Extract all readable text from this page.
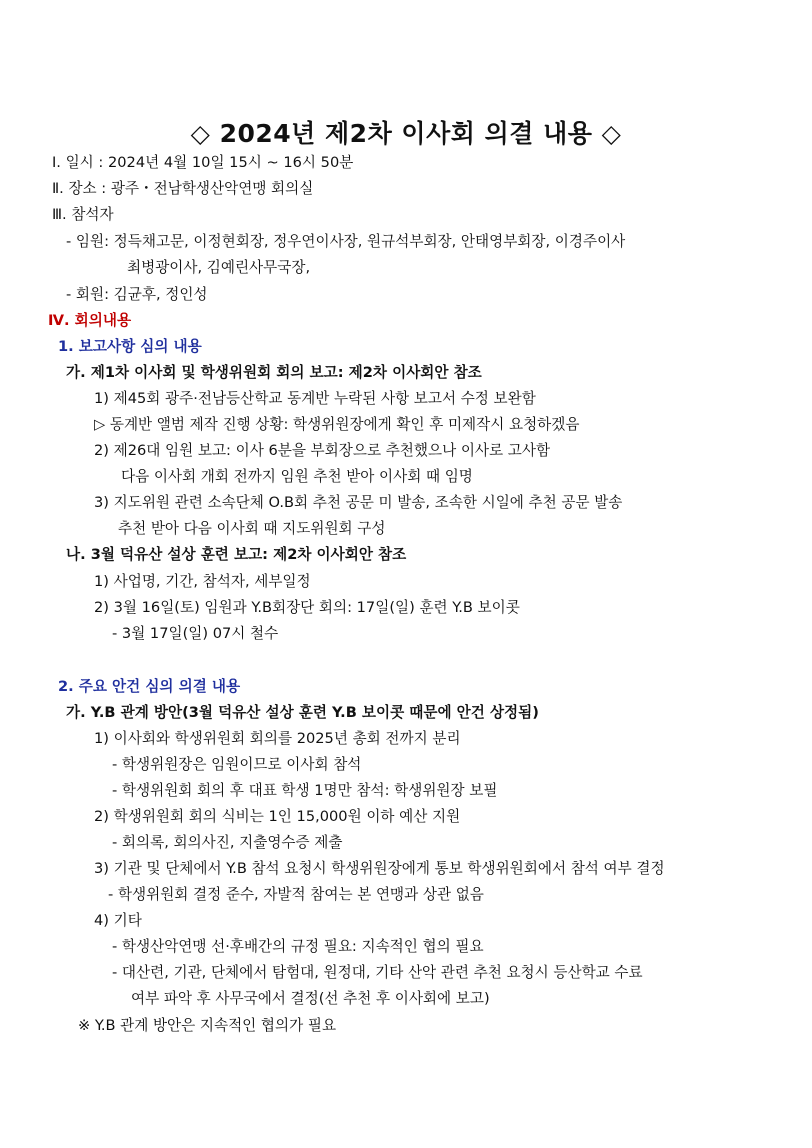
◇ 2024년 제2차 이사회 의결 내용 ◇
Ⅰ. 일시 : 2024년 4월 10일 15시 ~ 16시 50분
Ⅱ. 장소 : 광주・전남학생산악연맹 회의실
Ⅲ. 참석자
- 임원: 정득채고문, 이정현회장, 정우연이사장, 원규석부회장, 안태영부회장, 이경주이사
최병광이사, 김예린사무국장,
- 회원: 김균후, 정인성
Ⅳ. 회의내용
1. 보고사항 심의 내용
가. 제1차 이사회 및 학생위원회 회의 보고: 제2차 이사회안 참조
1) 제45회 광주·전남등산학교 동계반 누락된 사항 보고서 수정 보완함
▷ 동계반 앨범 제작 진행 상황: 학생위원장에게 확인 후 미제작시 요청하겠음
2) 제26대 임원 보고: 이사 6분을 부회장으로 추천했으나 이사로 고사함
다음 이사회 개회 전까지 임원 추천 받아 이사회 때 임명
3) 지도위원 관련 소속단체 O.B회 추천 공문 미 발송, 조속한 시일에 추천 공문 발송
추천 받아 다음 이사회 때 지도위원회 구성
나. 3월 덕유산 설상 훈련 보고: 제2차 이사회안 참조
1) 사업명, 기간, 참석자, 세부일정
2) 3월 16일(토) 임원과 Y.B회장단 회의: 17일(일) 훈련 Y.B 보이콧
- 3월 17일(일) 07시 철수
2. 주요 안건 심의 의결 내용
가. Y.B 관계 방안(3월 덕유산 설상 훈련 Y.B 보이콧 때문에 안건 상정됨)
1) 이사회와 학생위원회 회의를 2025년 총회 전까지 분리
- 학생위원장은 임원이므로 이사회 참석
- 학생위원회 회의 후 대표 학생 1명만 참석: 학생위원장 보필
2) 학생위원회 회의 식비는 1인 15,000원 이하 예산 지원
- 회의록, 회의사진, 지출영수증 제출
3) 기관 및 단체에서 Y.B 참석 요청시 학생위원장에게 통보 학생위원회에서 참석 여부 결정
- 학생위원회 결정 준수, 자발적 참여는 본 연맹과 상관 없음
4) 기타
- 학생산악연맹 선·후배간의 규정 필요: 지속적인 협의 필요
- 대산련, 기관, 단체에서 탐험대, 원정대, 기타 산악 관련 추천 요청시 등산학교 수료
여부 파악 후 사무국에서 결정(선 추천 후 이사회에 보고)
※ Y.B 관계 방안은 지속적인 협의가 필요
